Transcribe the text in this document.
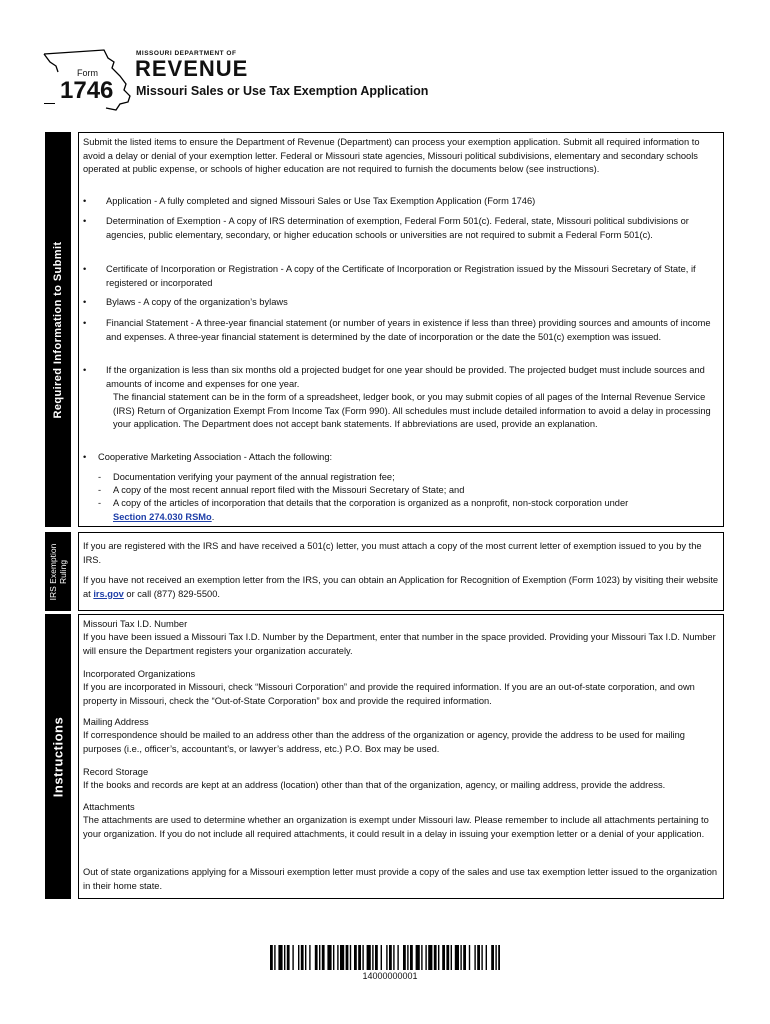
MISSOURI DEPARTMENT OF
REVENUE
Form
1746 Missouri Sales or Use Tax Exemption Application
Required Information to Submit
IRS Exemption Ruling
Instructions
Submit the listed items to ensure the Department of Revenue (Department) can process your exemption application. Submit all required information to avoid a delay or denial of your exemption letter. Federal or Missouri state agencies, Missouri political subdivisions, elementary and secondary schools operated at public expense, or schools of higher education are not required to furnish the documents below (see instructions).
• Application - A fully completed and signed Missouri Sales or Use Tax Exemption Application (Form 1746)
• Determination of Exemption - A copy of IRS determination of exemption, Federal Form 501(c). Federal, state, Missouri political subdivisions or agencies, public elementary, secondary, or higher education schools or universities are not required to submit a Federal Form 501(c).
• Certificate of Incorporation or Registration - A copy of the Certificate of Incorporation or Registration issued by the Missouri Secretary of State, if registered or incorporated
• Bylaws - A copy of the organization’s bylaws
• Financial Statement - A three-year financial statement (or number of years in existence if less than three) providing sources and amounts of income and expenses. A three-year financial statement is determined by the date of incorporation or the date the 501(c) exemption was issued.
• If the organization is less than six months old a projected budget for one year should be provided. The projected budget must include sources and amounts of income and expenses for one year.
The financial statement can be in the form of a spreadsheet, ledger book, or you may submit copies of all pages of the Internal Revenue Service (IRS) Return of Organization Exempt From Income Tax (Form 990). All schedules must include detailed information to avoid a delay in processing your application. The Department does not accept bank statements. If abbreviations are used, provide an explanation.
• Cooperative Marketing Association - Attach the following:
- Documentation verifying your payment of the annual registration fee;
- A copy of the most recent annual report filed with the Missouri Secretary of State; and
- A copy of the articles of incorporation that details that the corporation is organized as a nonprofit, non-stock corporation under
Section 274.030 RSMo.
If you are registered with the IRS and have received a 501(c) letter, you must attach a copy of the most current letter of exemption issued to you by the IRS.
If you have not received an exemption letter from the IRS, you can obtain an Application for Recognition of Exemption (Form 1023) by visiting their website at irs.gov or call (877) 829-5500.
Missouri Tax I.D. Number
If you have been issued a Missouri Tax I.D. Number by the Department, enter that number in the space provided. Providing your Missouri Tax I.D. Number will ensure the Department registers your organization accurately.
Incorporated Organizations
If you are incorporated in Missouri, check “Missouri Corporation” and provide the required information. If you are an out-of-state corporation, and own property in Missouri, check the “Out-of-State Corporation” box and provide the required information.
Mailing Address
If correspondence should be mailed to an address other than the address of the organization or agency, provide the address to be used for mailing purposes (i.e., officer’s, accountant’s, or lawyer’s address, etc.) P.O. Box may be used.
Record Storage
If the books and records are kept at an address (location) other than that of the organization, agency, or mailing address, provide the address.
Attachments
The attachments are used to determine whether an organization is exempt under Missouri law. Please remember to include all attachments pertaining to your organization. If you do not include all required attachments, it could result in a delay in issuing your exemption letter or a denial of your application.
Out of state organizations applying for a Missouri exemption letter must provide a copy of the sales and use tax exemption letter issued to the organization in their home state.
14000000001
